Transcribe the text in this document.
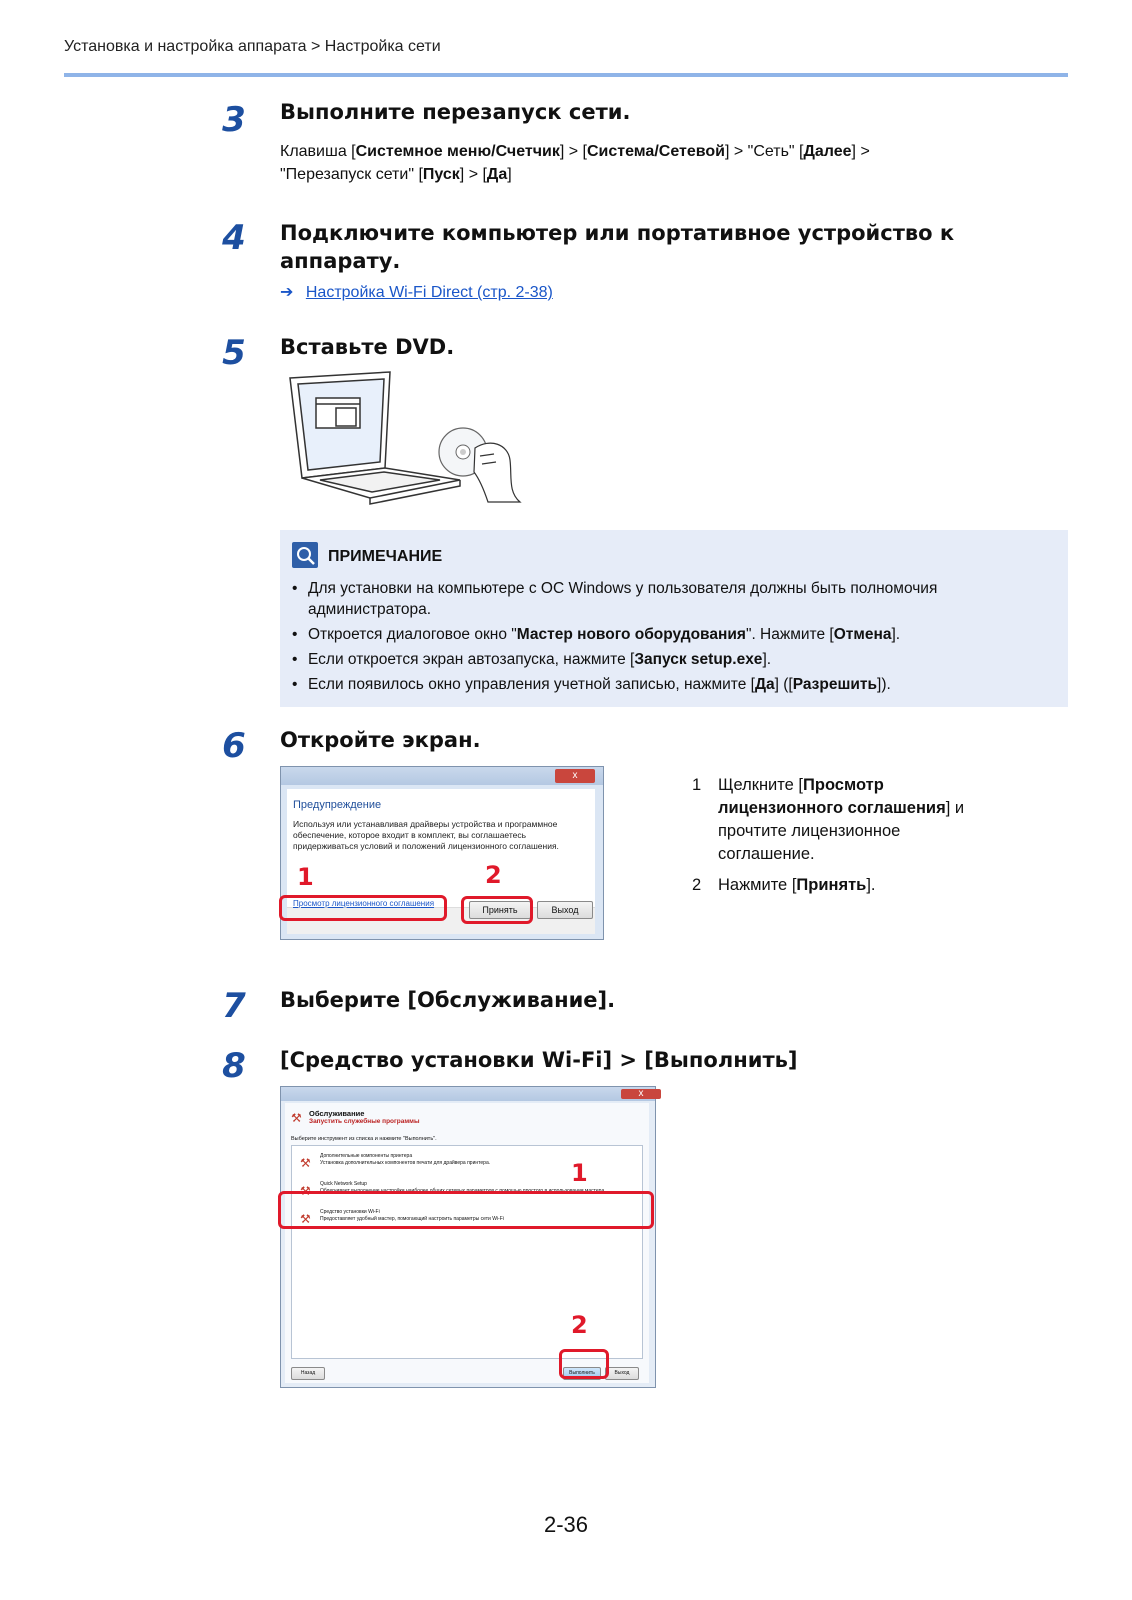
Установка и настройка аппарата > Настройка сети
3	Выполните перезапуск сети.
Клавиша [Системное меню/Счетчик] > [Система/Сетевой] > "Сеть" [Далее] >
"Перезапуск сети" [Пуск] > [Да]
4	Подключите компьютер или портативное устройство к
аппарату.
➔ Настройка Wi-Fi Direct (стр. 2-38)
5	Вставьте DVD.
ПРИМЕЧАНИЕ
• Для установки на компьютере с ОС Windows у пользователя должны быть полномочия администратора.
• Откроется диалоговое окно "Мастер нового оборудования". Нажмите [Отмена].
• Если откроется экран автозапуска, нажмите [Запуск setup.exe].
• Если появилось окно управления учетной записью, нажмите [Да] ([Разрешить]).
6	Откройте экран.
x
Предупреждение
Используя или устанавливая драйверы устройства и программное обеспечение, которое входит в комплект, вы соглашаетесь придерживаться условий и положений лицензионного соглашения.
Просмотр лицензионного соглашения
Принять	Выход
1	2
1 Щелкните [Просмотр
лицензионного соглашения] и
прочтите лицензионное
соглашение.
2 Нажмите [Принять].
7	Выберите [Обслуживание].
8	[Средство установки Wi-Fi] > [Выполнить]
x
⚒ Обслуживание
Запустить служебные программы
Выберите инструмент из списка и нажмите "Выполнить".
⚒ Дополнительные компоненты принтера
Установка дополнительных компонентов печати для драйвера принтера.
⚒ Quick Network Setup
Облегчивает выполнение настройки наиболее общих сетевых параметров с помощью простого в использовании мастера.
⚒ Средство установки Wi-Fi
Предоставляет удобный мастер, помогающий настроить параметры сети Wi-Fi
Назад	Выполнить	Выход
1
2
2-36
